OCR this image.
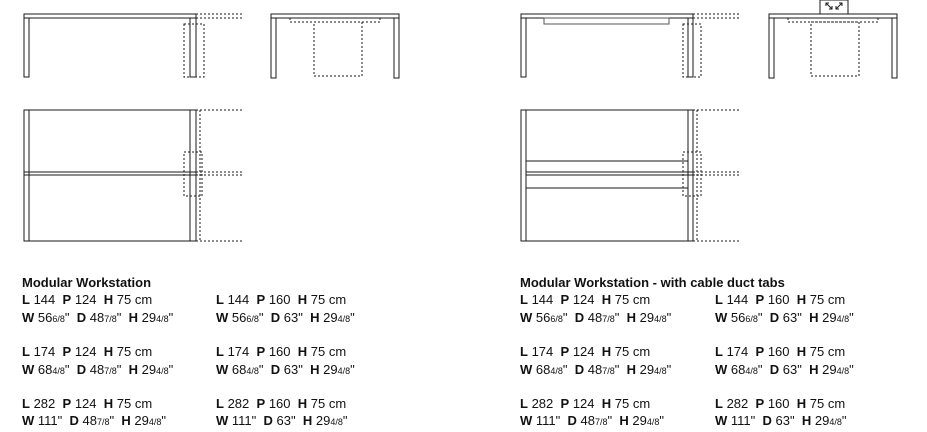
Modular Workstation
L 144 P 124 H 75 cm
W 566/8" D 487/8" H 294/8"
L 144 P 160 H 75 cm
W 566/8" D 63" H 294/8"
L 174 P 124 H 75 cm
W 684/8" D 487/8" H 294/8"
L 174 P 160 H 75 cm
W 684/8" D 63" H 294/8"
L 282 P 124 H 75 cm
W 111" D 487/8" H 294/8"
L 282 P 160 H 75 cm
W 111" D 63" H 294/8"
Modular Workstation - with cable duct tabs
L 144 P 124 H 75 cm
W 566/8" D 487/8" H 294/8"
L 144 P 160 H 75 cm
W 566/8" D 63" H 294/8"
L 174 P 124 H 75 cm
W 684/8" D 487/8" H 294/8"
L 174 P 160 H 75 cm
W 684/8" D 63" H 294/8"
L 282 P 124 H 75 cm
W 111" D 487/8" H 294/8"
L 282 P 160 H 75 cm
W 111" D 63" H 294/8"
